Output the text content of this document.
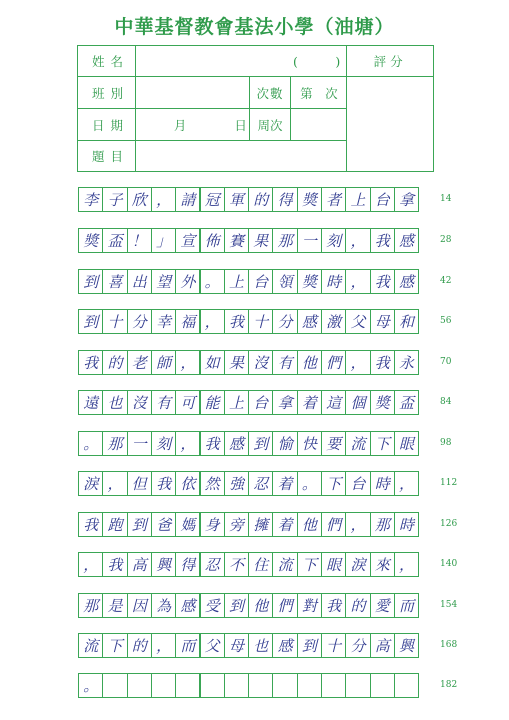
中華基督教會基法小學（油塘）
姓名	(　　　)			評分
班別		次數	第　次	
日期	月 日	周次		
題目				
李 子 欣 ， 請 冠 軍 的 得 獎 者 上 台 拿	14
獎 盃 ！ 」 宣 佈 賽 果 那 一 刻 ， 我 感	28
到 喜 出 望 外 。 上 台 領 獎 時 ， 我 感	42
到 十 分 幸 福 ， 我 十 分 感 激 父 母 和	56
我 的 老 師 ， 如 果 沒 有 他 們 ， 我 永	70
遠 也 沒 有 可 能 上 台 拿 着 這 個 獎 盃	84
。 那 一 刻 ， 我 感 到 愉 快 要 流 下 眼	98
淚 ， 但 我 依 然 強 忍 着 。 下 台 時 ，	112
我 跑 到 爸 媽 身 旁 擁 着 他 們 ， 那 時	126
， 我 高 興 得 忍 不 住 流 下 眼 淚 來 ，	140
那 是 因 為 感 受 到 他 們 對 我 的 愛 而	154
流 下 的 ， 而 父 母 也 感 到 十 分 高 興	168
。	182
